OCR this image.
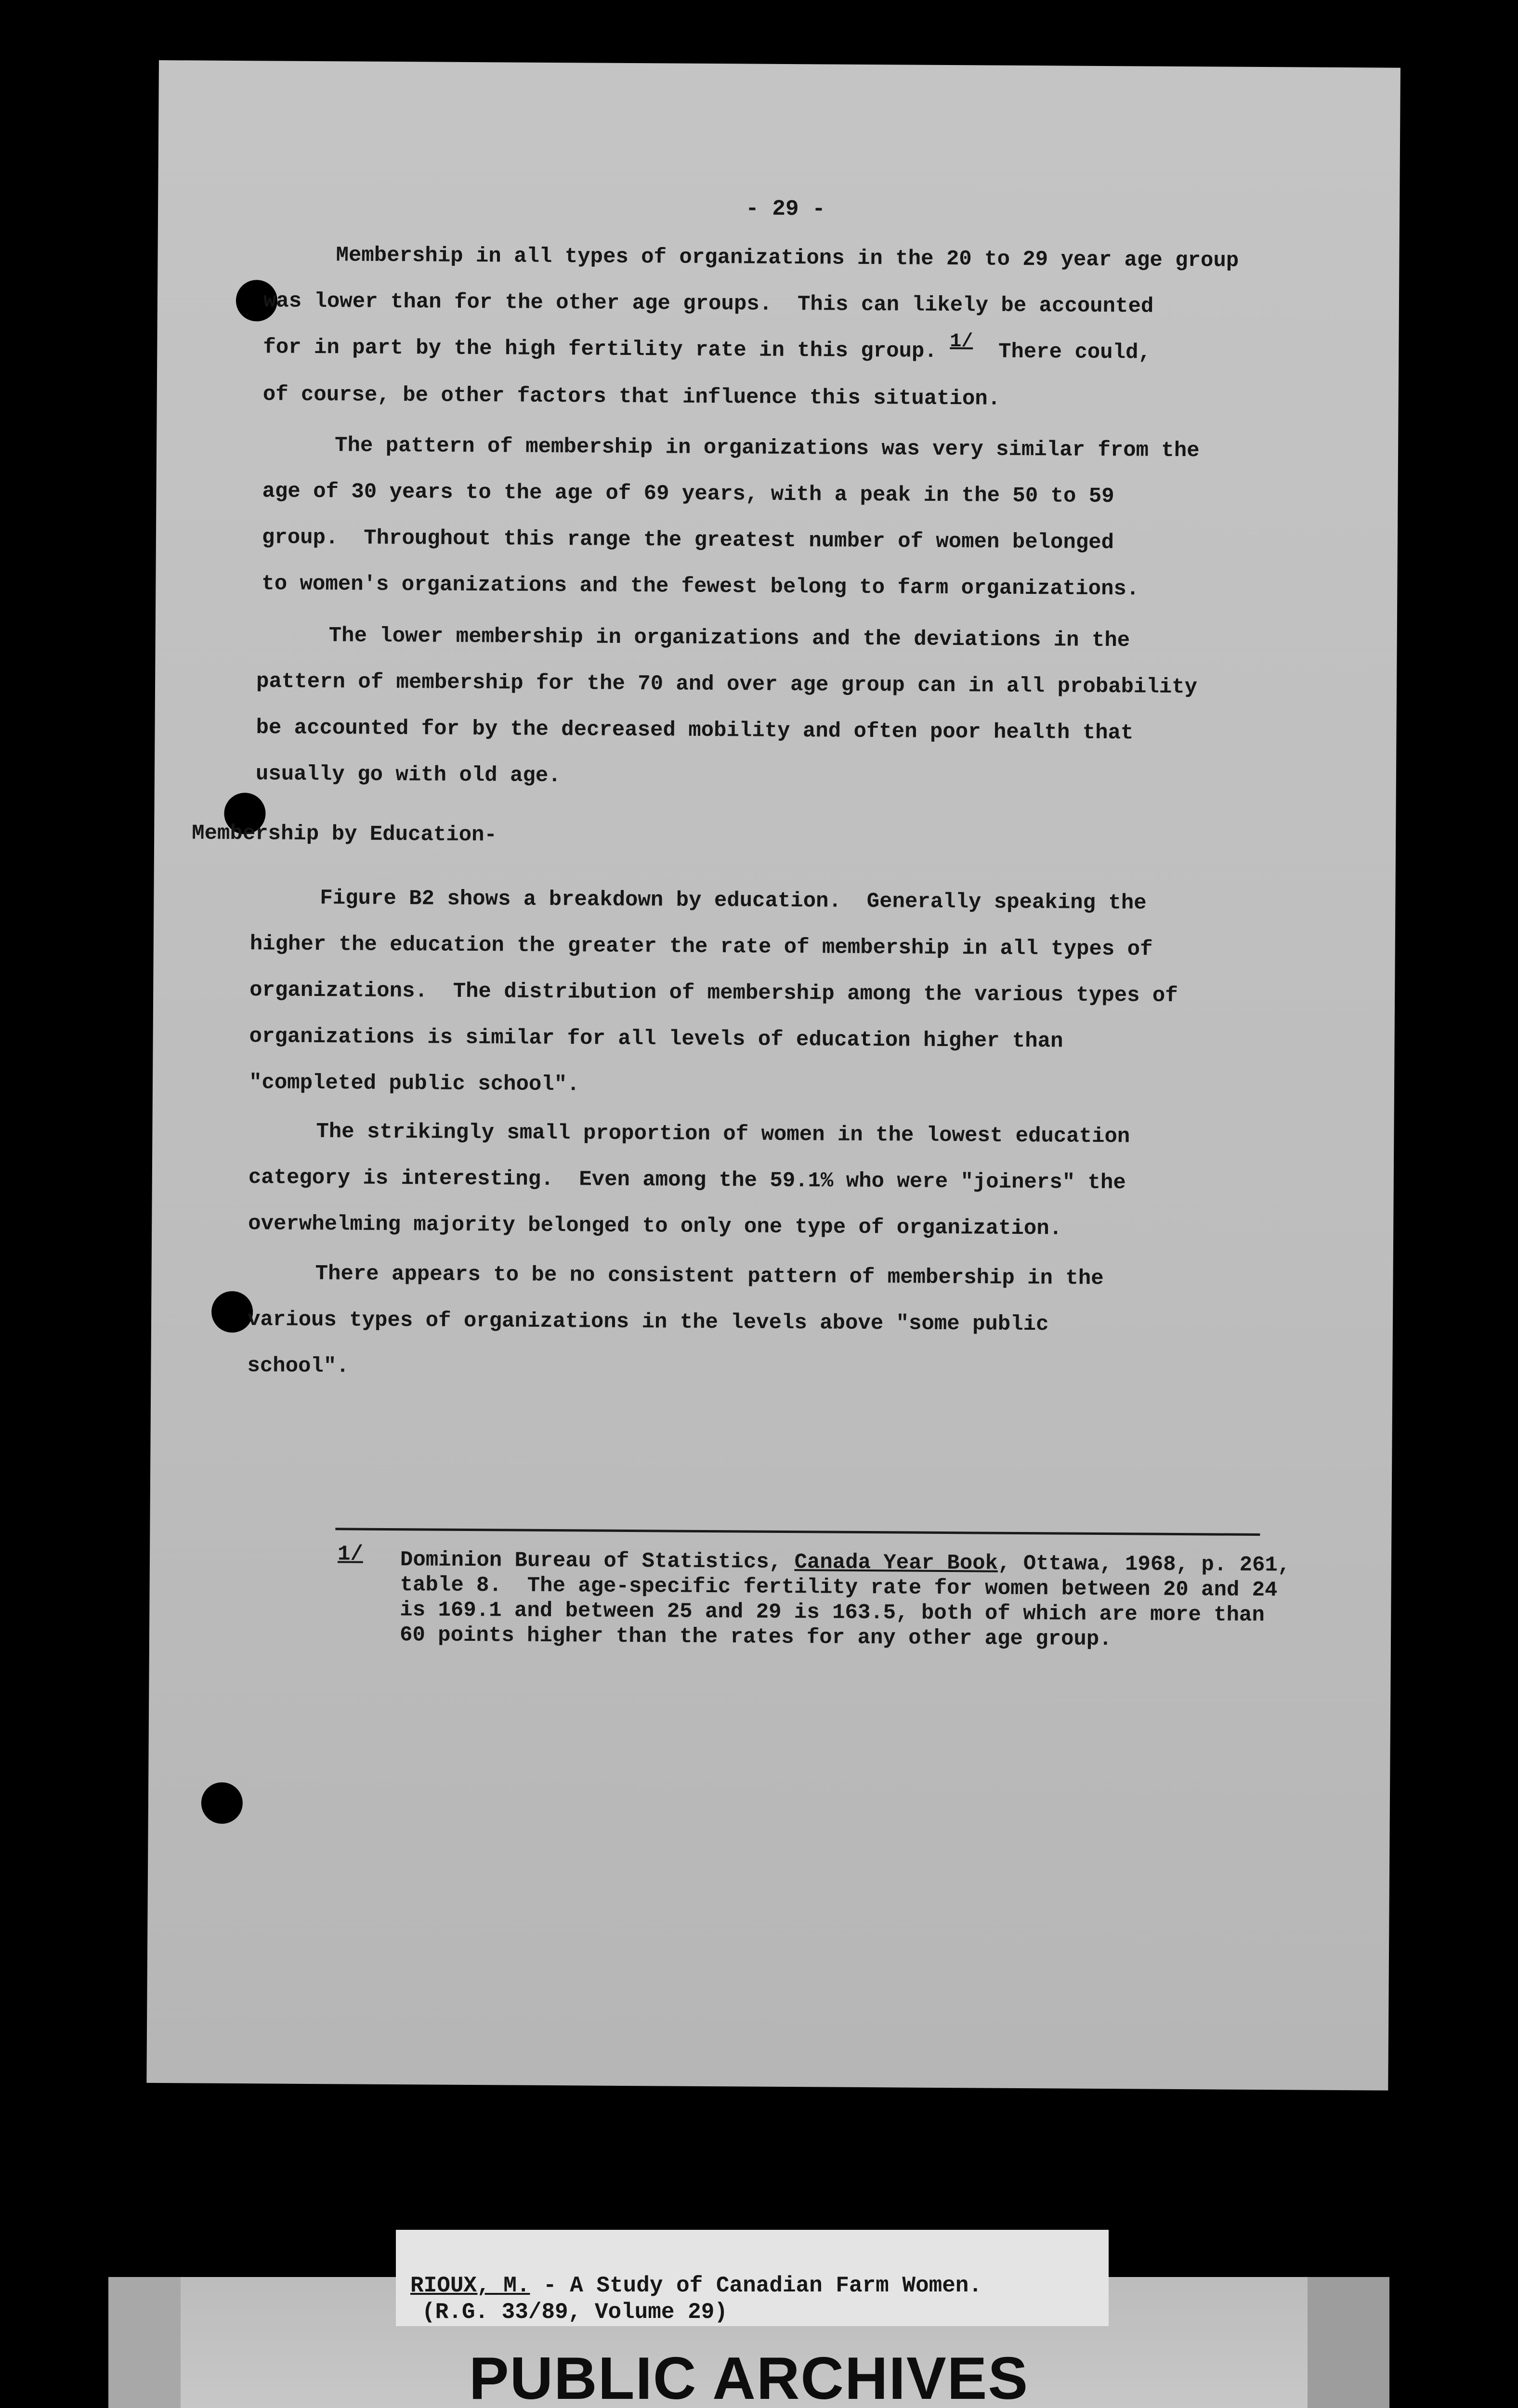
- 29 -
Membership in all types of organizations in the 20 to 29 year age group
was lower than for the other age groups.  This can likely be accounted
for in part by the high fertility rate in this group. 1/ There could,
of course, be other factors that influence this situation.
The pattern of membership in organizations was very similar from the
age of 30 years to the age of 69 years, with a peak in the 50 to 59
group.  Throughout this range the greatest number of women belonged
to women's organizations and the fewest belong to farm organizations.
The lower membership in organizations and the deviations in the
pattern of membership for the 70 and over age group can in all probability
be accounted for by the decreased mobility and often poor health that
usually go with old age.
Membership by Education-
Figure B2 shows a breakdown by education.  Generally speaking the
higher the education the greater the rate of membership in all types of
organizations.  The distribution of membership among the various types of
organizations is similar for all levels of education higher than
"completed public school".
The strikingly small proportion of women in the lowest education
category is interesting.  Even among the 59.1% who were "joiners" the
overwhelming majority belonged to only one type of organization.
There appears to be no consistent pattern of membership in the
various types of organizations in the levels above "some public
school".
1/ Dominion Bureau of Statistics, Canada Year Book, Ottawa, 1968, p. 261,
table 8.  The age-specific fertility rate for women between 20 and 24
is 169.1 and between 25 and 29 is 163.5, both of which are more than
60 points higher than the rates for any other age group.
PUBLIC ARCHIVES
RIOUX, M. - A Study of Canadian Farm Women.
(R.G. 33/89, Volume 29)
